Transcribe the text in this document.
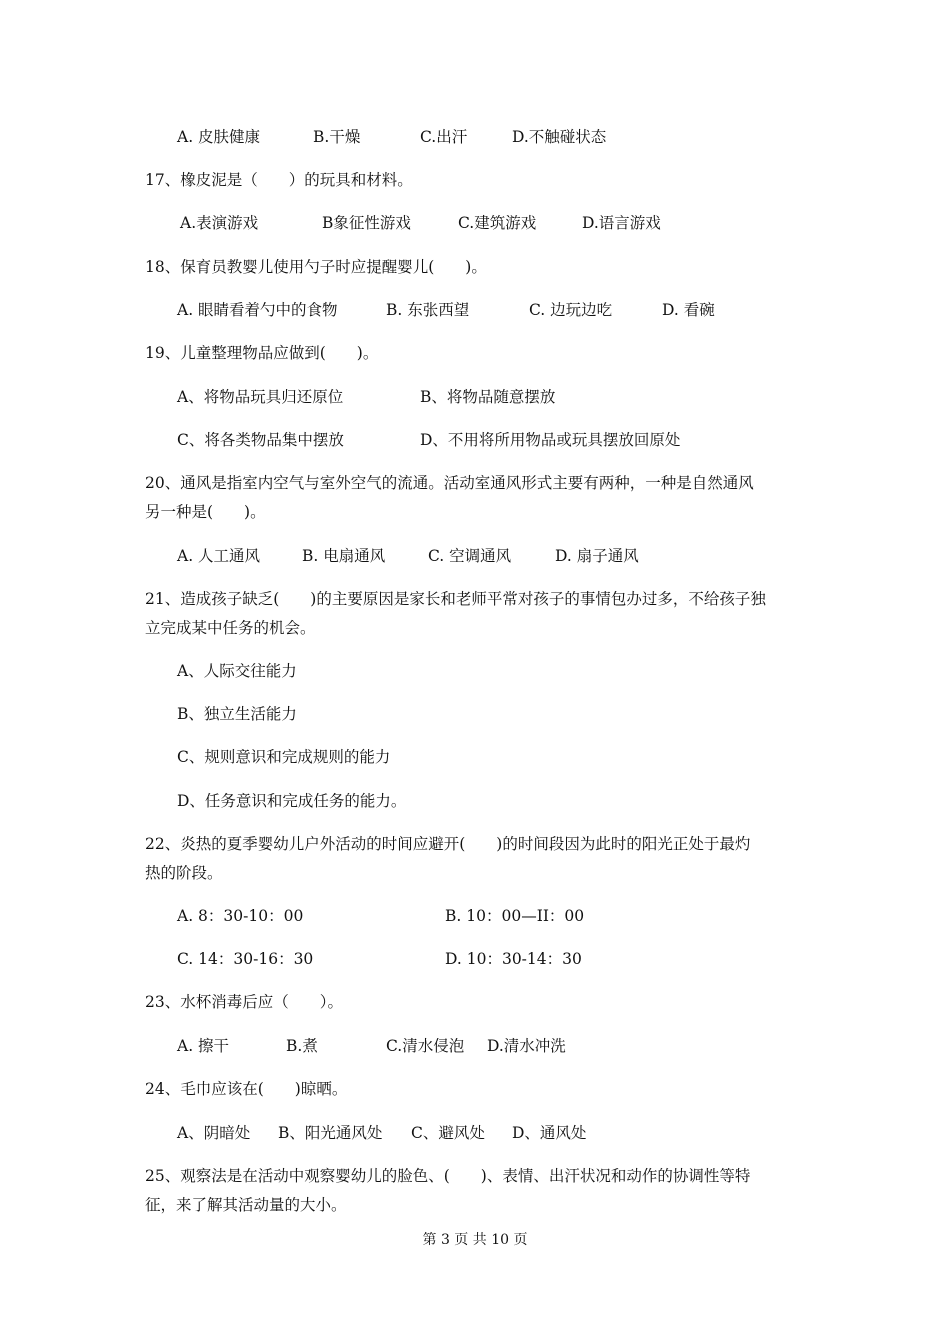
A. 皮肤健康	B.干燥	C.出汗	D.不触碰状态
17、橡皮泥是（　　）的玩具和材料。
A.表演游戏	B象征性游戏	C.建筑游戏	D.语言游戏
18、保育员教婴儿使用勺子时应提醒婴儿(　　)。
A. 眼睛看着勺中的食物	B. 东张西望	C. 边玩边吃	D. 看碗
19、儿童整理物品应做到(　　)。
A、将物品玩具归还原位	B、将物品随意摆放
C、将各类物品集中摆放	D、不用将所用物品或玩具摆放回原处
20、通风是指室内空气与室外空气的流通。活动室通风形式主要有两种，一种是自然通风
另一种是(　　)。
A. 人工通风	B. 电扇通风	C. 空调通风	D. 扇子通风
21、造成孩子缺乏(　　)的主要原因是家长和老师平常对孩子的事情包办过多，不给孩子独
立完成某中任务的机会。
A、人际交往能力
B、独立生活能力
C、规则意识和完成规则的能力
D、任务意识和完成任务的能力。
22、炎热的夏季婴幼儿户外活动的时间应避开(　　)的时间段因为此时的阳光正处于最灼
热的阶段。
A. 8：30-10：00	B. 10：00—II：00
C. 14：30-16：30	D. 10：30-14：30
23、水杯消毒后应（　　）。
A. 擦干	B.煮	C.清水侵泡 D.清水冲洗
24、毛巾应该在(　　)晾晒。
A、阴暗处 B、阳光通风处 C、避风处 D、通风处
25、观察法是在活动中观察婴幼儿的脸色、(　　)、表情、出汗状况和动作的协调性等特
征，来了解其活动量的大小。
第 3 页 共 10 页
